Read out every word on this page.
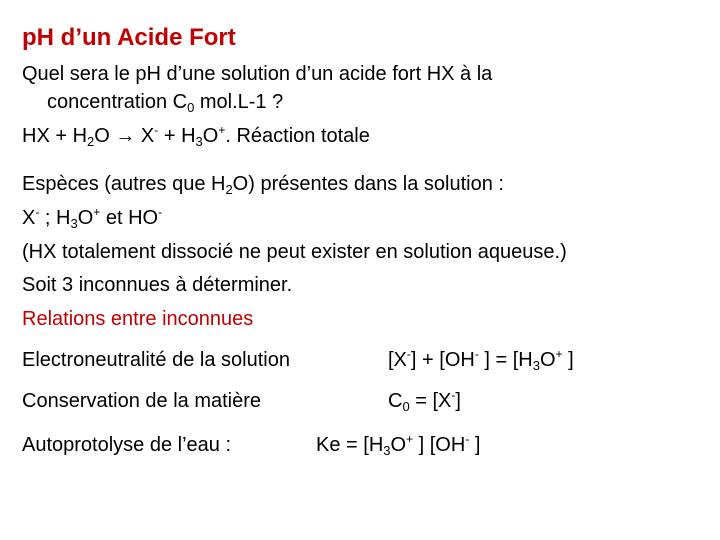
pH d’un Acide Fort
Quel sera le pH d’une solution d’un acide fort HX à la
concentration $C_0$ mol.L-1 ?
HX + $H_2O \to X^- + H_3O^+$. Réaction totale
Espèces (autres que $H_2O$) présentes dans la solution :
X- ; $H_3O^+$ et HO-
(HX totalement dissocié ne peut exister en solution aqueuse.)
Soit 3 inconnues à déterminer.
Relations entre inconnues
Electroneutralité de la solution	[X-] + [OH- ] = [$H_3O^+$ ]
Conservation de la matière	$C_0 = [X^-]$
Autoprotolyse de l’eau :	$Ke = [H_3O^+$ ] [OH- ]
